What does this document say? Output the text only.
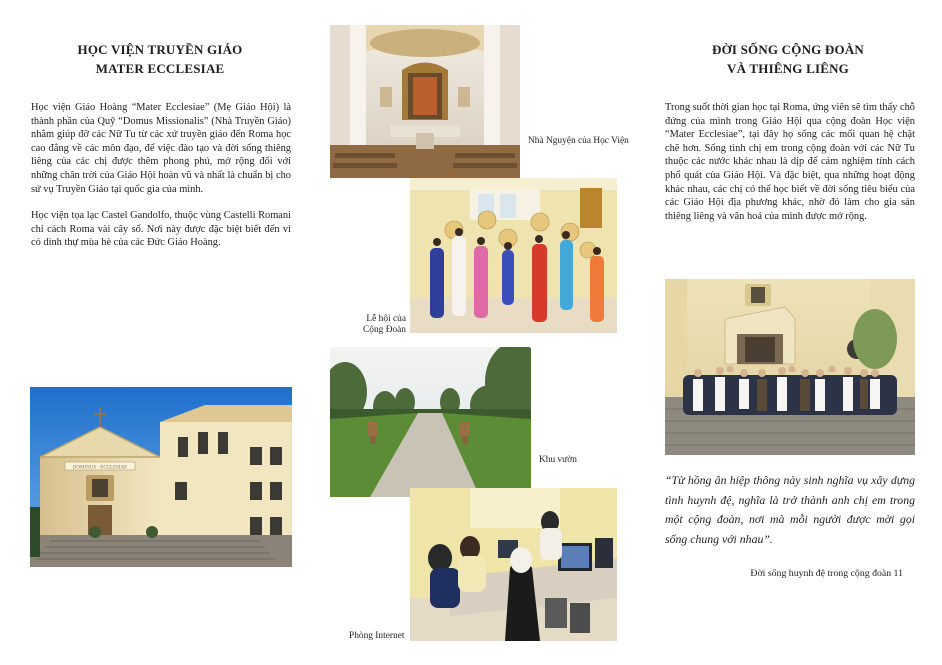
HỌC VIỆN TRUYỀN GIÁO
MATER ECCLESIAE

Học viện Giáo Hoàng “Mater Ecclesiae” (Mẹ Giáo Hội) là thành phần của Quỹ “Domus Missionalis” (Nhà Truyền Giáo) nhằm giúp đỡ các Nữ Tu từ các xứ truyền giáo đến Roma học cao đẳng về các môn đạo, để việc đào tạo và đời sống thiêng liêng của các chị được thêm phong phú, mở rộng đối với những chân trời của Giáo Hội hoàn vũ và nhất là chuẩn bị cho sứ vụ Truyền Giáo tại quốc gia của mình.

Học viện tọa lạc Castel Gandolfo, thuộc vùng Castelli Romani chỉ cách Roma vài cây số. Nơi này được đặc biệt biết đến vì có dinh thự mùa hè của các Đức Giáo Hoàng.

DOMINUS · ECCLESIAE
Nhà Nguyện của Học Viện
Lễ hội của
Cộng Đoàn
Khu vườn
Phòng Internet
ĐỜI SỐNG CỘNG ĐOÀN
VÀ THIÊNG LIÊNG

Trong suốt thời gian học tại Roma, ứng viên sẽ tìm thấy chỗ đứng của mình trong Giáo Hội qua cộng đoàn Học viện “Mater Ecclesiae”, tại đây họ sống các mối quan hệ chặt chẽ hơn. Sống tình chị em trong cộng đoàn với các Nữ Tu thuộc các nước khác nhau là dịp để cảm nghiệm tính cách phổ quát của Giáo Hội. Và đặc biệt, qua những hoạt động khác nhau, các chị có thể học biết về đời sống tiêu biểu của các Giáo Hội địa phương khác, nhờ đó làm cho gia sản thiêng liêng và văn hoá của mình được mở rộng.

“Từ hồng ân hiệp thông này sinh nghĩa vụ xây dựng tình huynh đệ, nghĩa là trở thành anh chị em trong một cộng đoàn, nơi mà mỗi người được mời gọi sống chung với nhau”.
Đời sống huynh đệ trong cộng đoàn 11
